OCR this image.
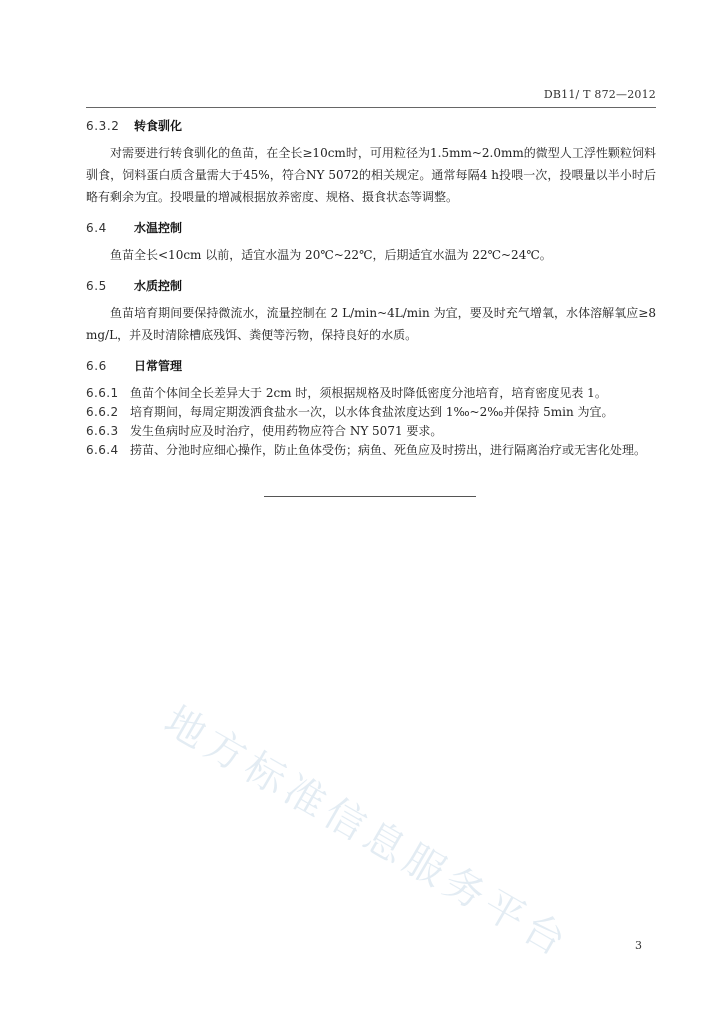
DB11/ T 872—2012
地方标准信息服务平台
6.3.2	转食驯化

对需要进行转食驯化的鱼苗，在全长≥10cm时，可用粒径为1.5mm~2.0mm的微型人工浮性颗粒饲料驯食，饲料蛋白质含量需大于45%，符合NY 5072的相关规定。通常每隔4 h投喂一次，投喂量以半小时后略有剩余为宜。投喂量的增减根据放养密度、规格、摄食状态等调整。

6.4	水温控制

鱼苗全长<10cm 以前，适宜水温为 20℃~22℃，后期适宜水温为 22℃~24℃。

6.5	水质控制

鱼苗培育期间要保持微流水，流量控制在 2 L/min~4L/min 为宜，要及时充气增氧，水体溶解氧应≥8 mg/L，并及时清除槽底残饵、粪便等污物，保持良好的水质。

6.6	日常管理
6.6.1 鱼苗个体间全长差异大于 2cm 时，须根据规格及时降低密度分池培育，培育密度见表 1。
6.6.2 培育期间，每周定期泼洒食盐水一次，以水体食盐浓度达到 1‰~2‰并保持 5min 为宜。
6.6.3 发生鱼病时应及时治疗，使用药物应符合 NY 5071 要求。
6.6.4 捞苗、分池时应细心操作，防止鱼体受伤；病鱼、死鱼应及时捞出，进行隔离治疗或无害化处理。
3
